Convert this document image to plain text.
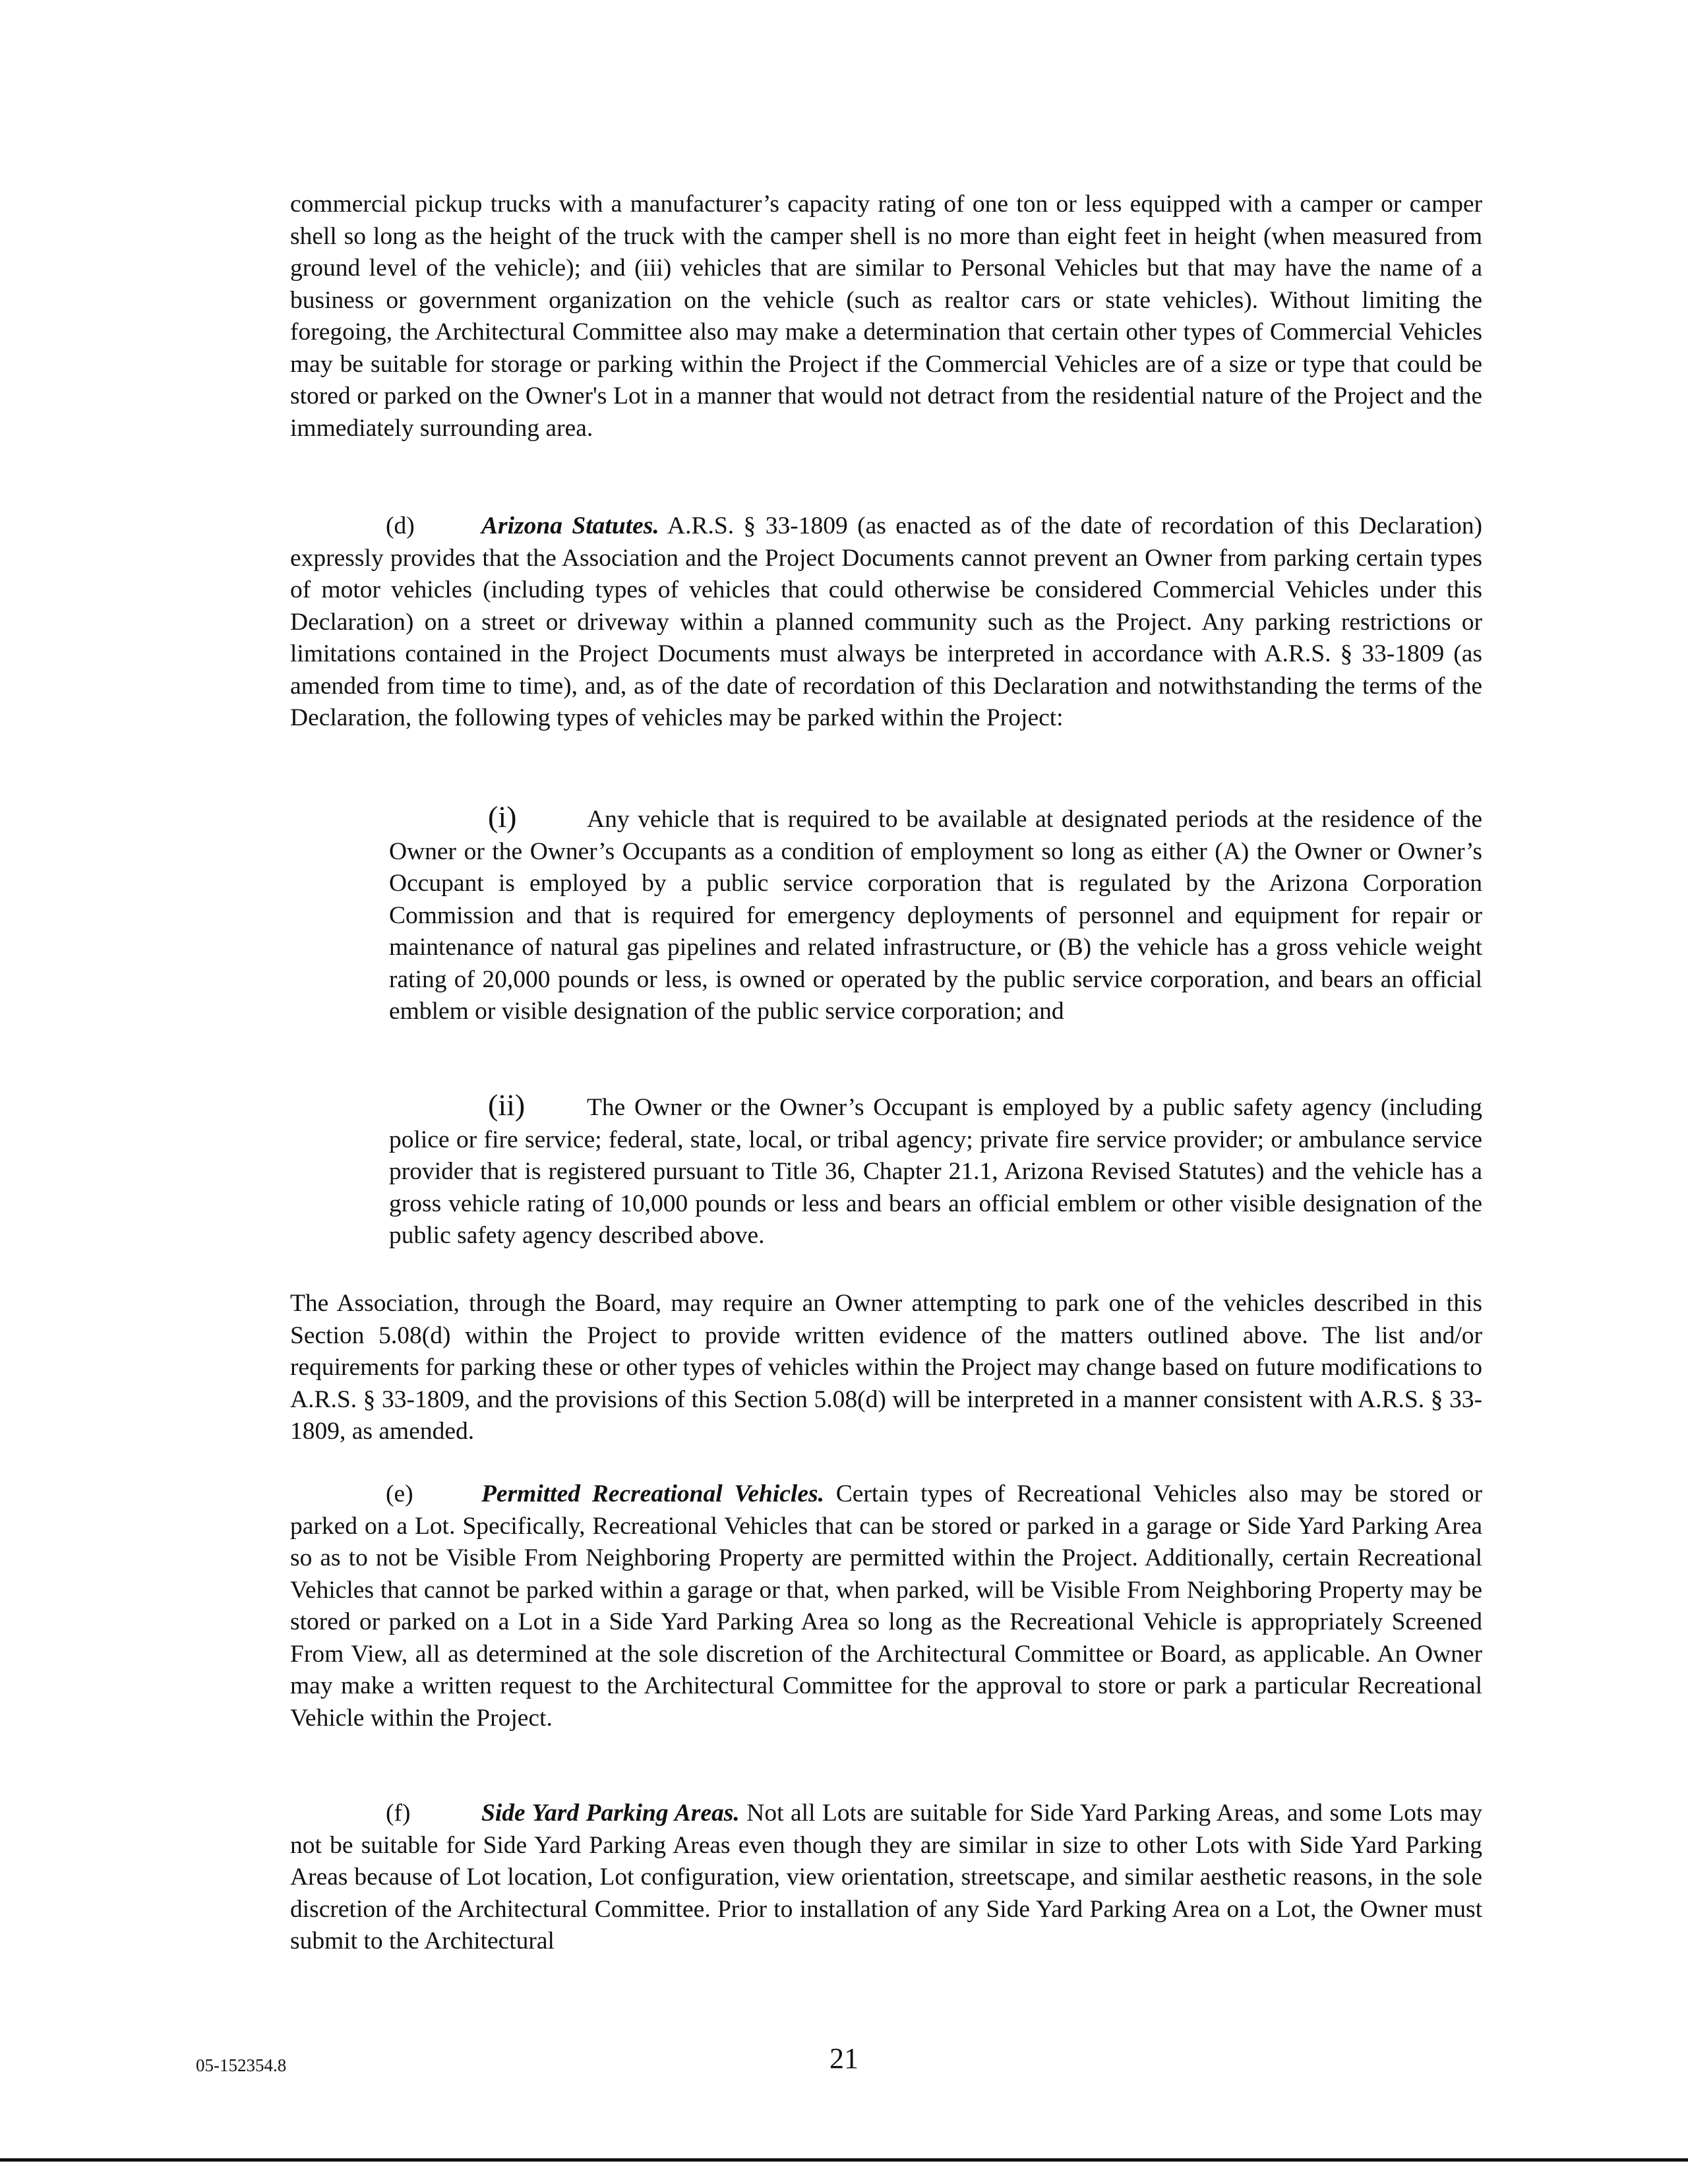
commercial pickup trucks with a manufacturer’s capacity rating of one ton or less equipped with a camper or camper shell so long as the height of the truck with the camper shell is no more than eight feet in height (when measured from ground level of the vehicle); and (iii) vehicles that are similar to Personal Vehicles but that may have the name of a business or government organization on the vehicle (such as realtor cars or state vehicles). Without limiting the foregoing, the Architectural Committee also may make a determination that certain other types of Commercial Vehicles may be suitable for storage or parking within the Project if the Commercial Vehicles are of a size or type that could be stored or parked on the Owner's Lot in a manner that would not detract from the residential nature of the Project and the immediately surrounding area.

(d)	Arizona Statutes. A.R.S. § 33-1809 (as enacted as of the date of recordation of this Declaration) expressly provides that the Association and the Project Documents cannot prevent an Owner from parking certain types of motor vehicles (including types of vehicles that could otherwise be considered Commercial Vehicles under this Declaration) on a street or driveway within a planned community such as the Project. Any parking restrictions or limitations contained in the Project Documents must always be interpreted in accordance with A.R.S. § 33-1809 (as amended from time to time), and, as of the date of recordation of this Declaration and notwithstanding the terms of the Declaration, the following types of vehicles may be parked within the Project:

(i)	Any vehicle that is required to be available at designated periods at the residence of the Owner or the Owner’s Occupants as a condition of employment so long as either (A) the Owner or Owner’s Occupant is employed by a public service corporation that is regulated by the Arizona Corporation Commission and that is required for emergency deployments of personnel and equipment for repair or maintenance of natural gas pipelines and related infrastructure, or (B) the vehicle has a gross vehicle weight rating of 20,000 pounds or less, is owned or operated by the public service corporation, and bears an official emblem or visible designation of the public service corporation; and

(ii)	The Owner or the Owner’s Occupant is employed by a public safety agency (including police or fire service; federal, state, local, or tribal agency; private fire service provider; or ambulance service provider that is registered pursuant to Title 36, Chapter 21.1, Arizona Revised Statutes) and the vehicle has a gross vehicle rating of 10,000 pounds or less and bears an official emblem or other visible designation of the public safety agency described above.

The Association, through the Board, may require an Owner attempting to park one of the vehicles described in this Section 5.08(d) within the Project to provide written evidence of the matters outlined above. The list and/or requirements for parking these or other types of vehicles within the Project may change based on future modifications to A.R.S. § 33-1809, and the provisions of this Section 5.08(d) will be interpreted in a manner consistent with A.R.S. § 33-1809, as amended.

(e)	Permitted Recreational Vehicles. Certain types of Recreational Vehicles also may be stored or parked on a Lot. Specifically, Recreational Vehicles that can be stored or parked in a garage or Side Yard Parking Area so as to not be Visible From Neighboring Property are permitted within the Project. Additionally, certain Recreational Vehicles that cannot be parked within a garage or that, when parked, will be Visible From Neighboring Property may be stored or parked on a Lot in a Side Yard Parking Area so long as the Recreational Vehicle is appropriately Screened From View, all as determined at the sole discretion of the Architectural Committee or Board, as applicable. An Owner may make a written request to the Architectural Committee for the approval to store or park a particular Recreational Vehicle within the Project.

(f)	Side Yard Parking Areas. Not all Lots are suitable for Side Yard Parking Areas, and some Lots may not be suitable for Side Yard Parking Areas even though they are similar in size to other Lots with Side Yard Parking Areas because of Lot location, Lot configuration, view orientation, streetscape, and similar aesthetic reasons, in the sole discretion of the Architectural Committee. Prior to installation of any Side Yard Parking Area on a Lot, the Owner must submit to the Architectural

05-152354.8	21
